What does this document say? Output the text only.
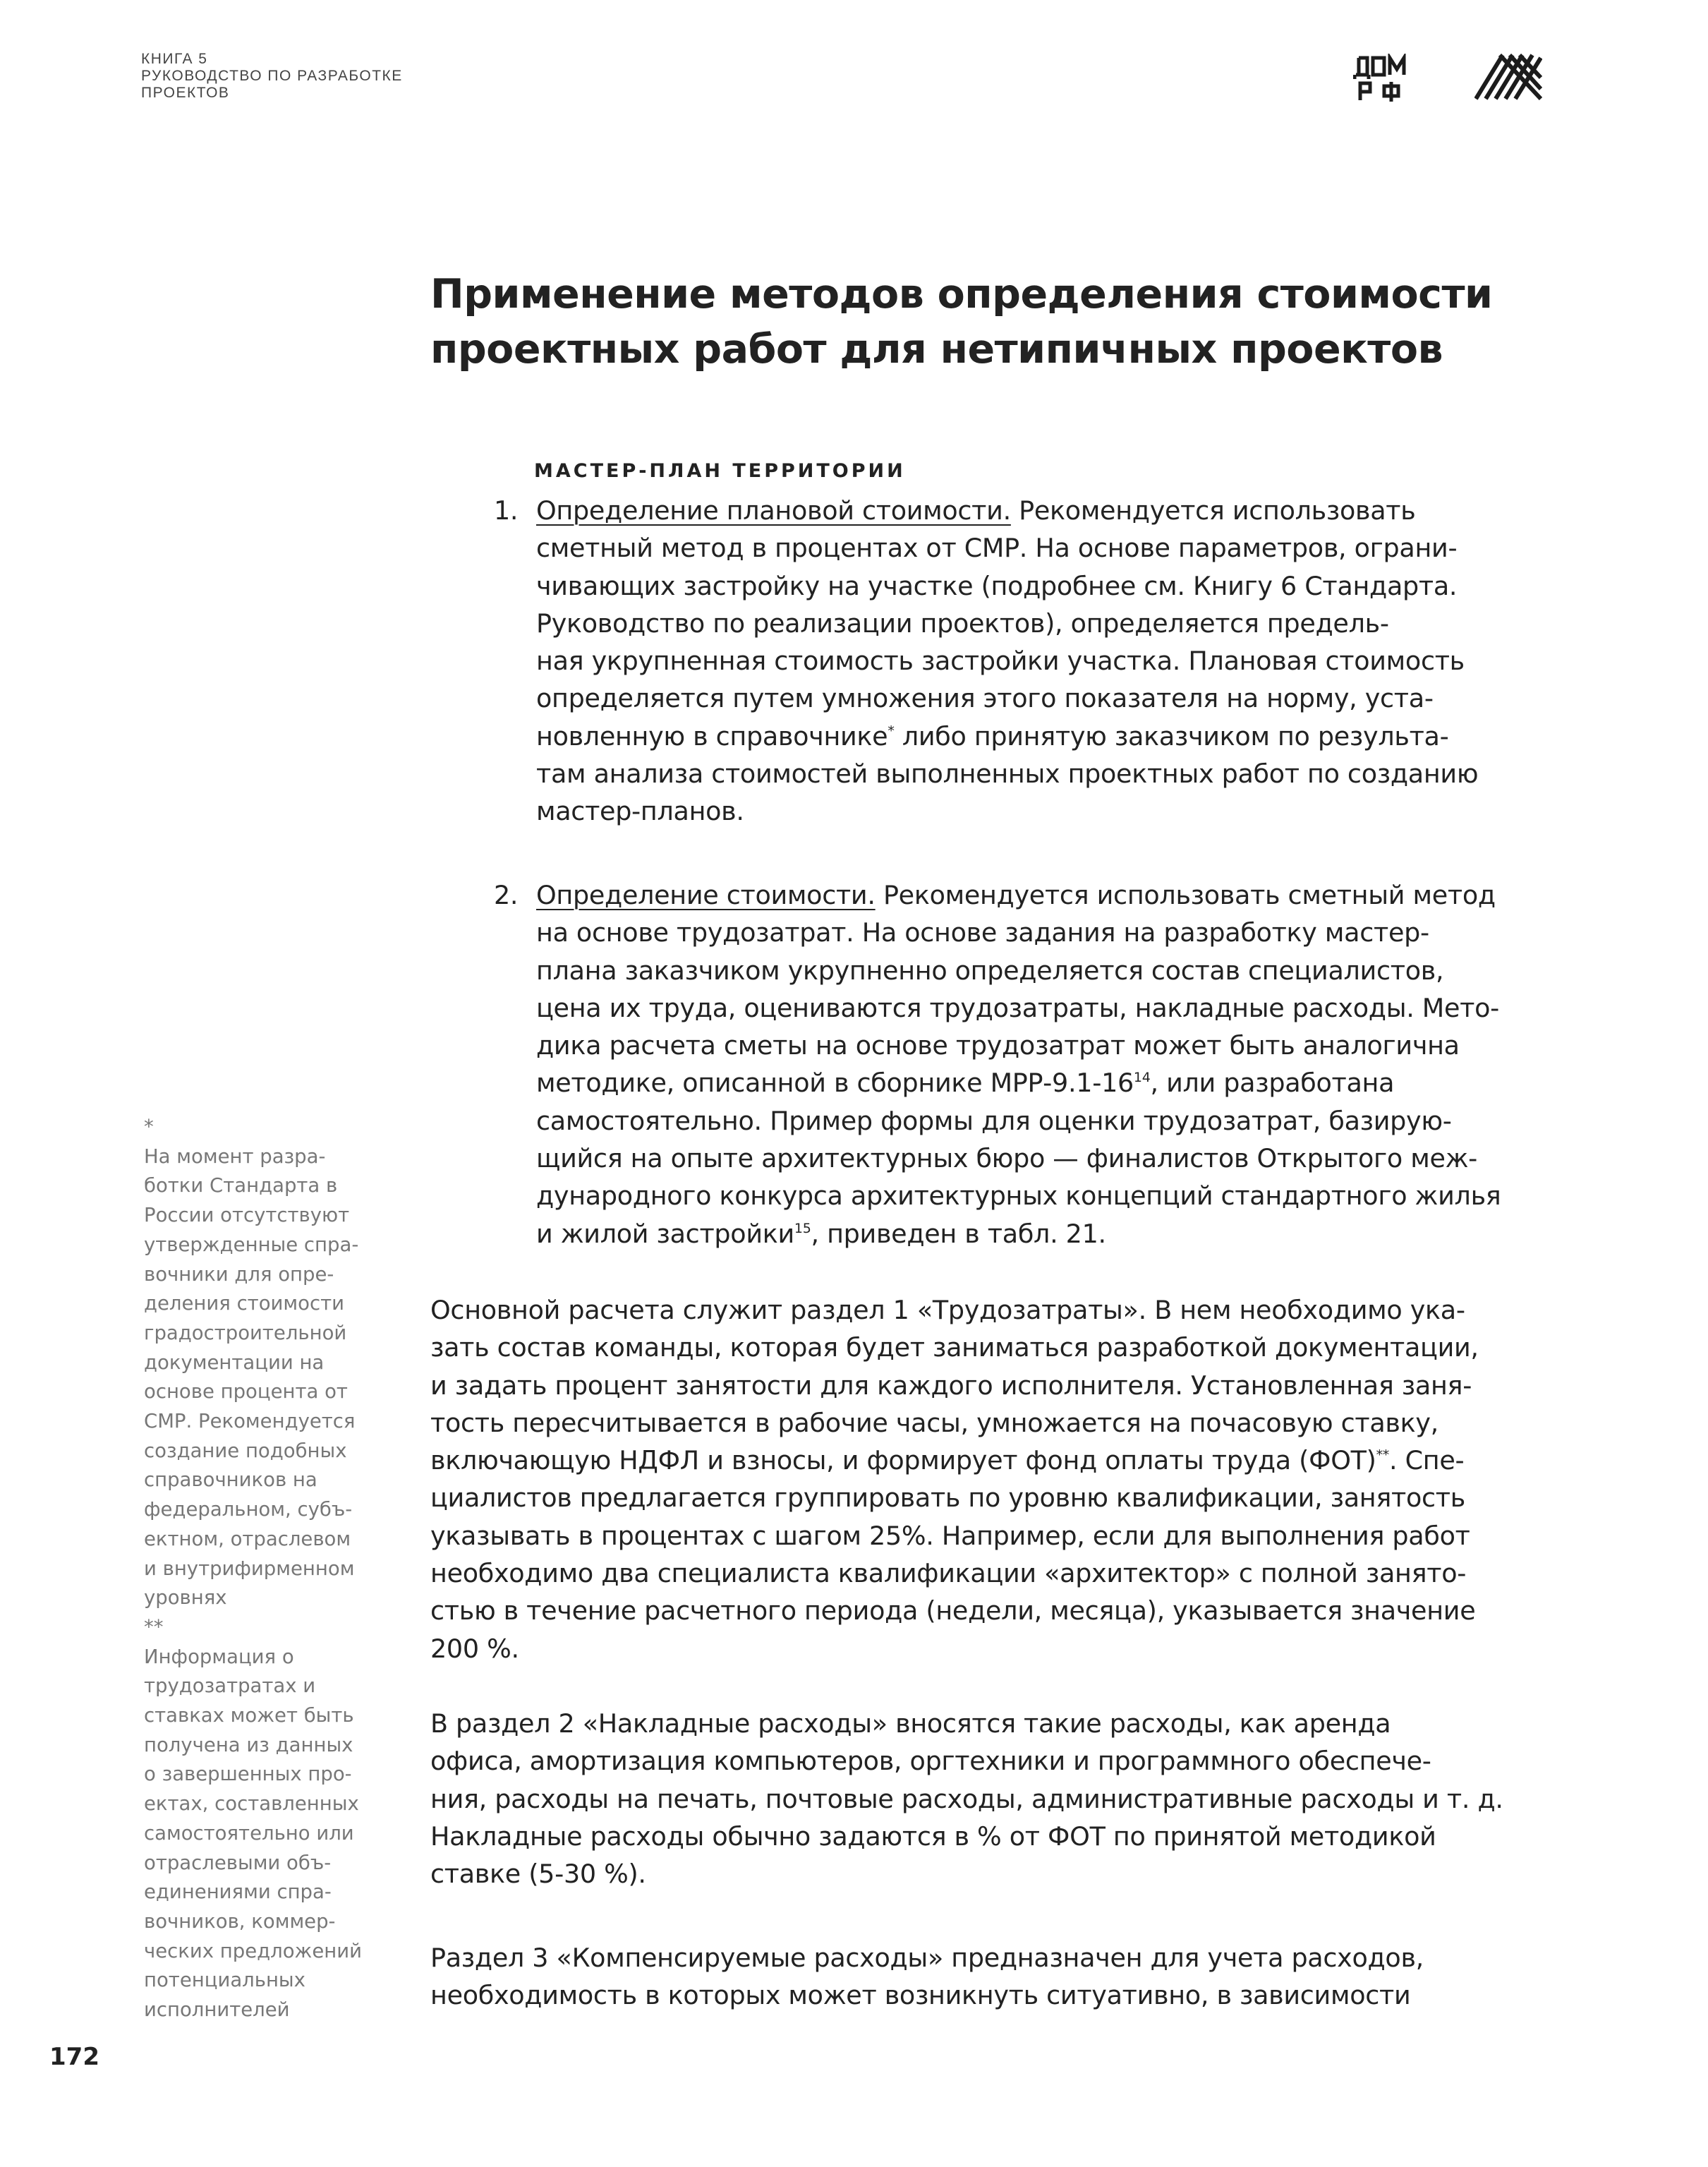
КНИГА 5
РУКОВОДСТВО ПО РАЗРАБОТКЕ
ПРОЕКТОВ
Применение методов определения стоимости
проектных работ для нетипичных проектов
МАСТЕР-ПЛАН ТЕРРИТОРИИ
1. Определение плановой стоимости. Рекомендуется использовать
сметный метод в процентах от СМР. На основе параметров, ограни-
чивающих застройку на участке (подробнее см. Книгу 6 Стандарта.
Руководство по реализации проектов), определяется предель-
ная укрупненная стоимость застройки участка. Плановая стоимость
определяется путем умножения этого показателя на норму, уста-
новленную в справочнике* либо принятую заказчиком по результа-
там анализа стоимостей выполненных проектных работ по созданию
мастер-планов.
2. Определение стоимости. Рекомендуется использовать сметный метод
на основе трудозатрат. На основе задания на разработку мастер-
плана заказчиком укрупненно определяется состав специалистов,
цена их труда, оцениваются трудозатраты, накладные расходы. Мето-
дика расчета сметы на основе трудозатрат может быть аналогична
методике, описанной в сборнике МРР-$9.1-16^{14}$, или разработана
самостоятельно. Пример формы для оценки трудозатрат, базирую-
щийся на опыте архитектурных бюро — финалистов Открытого меж-
дународного конкурса архитектурных концепций стандартного жилья
и жилой застройки$^{15}$, приведен в табл. 21.
Основной расчета служит раздел 1 «Трудозатраты». В нем необходимо ука-
зать состав команды, которая будет заниматься разработкой документации,
и задать процент занятости для каждого исполнителя. Установленная заня-
тость пересчитывается в рабочие часы, умножается на почасовую ставку,
включающую НДФЛ и взносы, и формирует фонд оплаты труда (ФОТ)**. Спе-
циалистов предлагается группировать по уровню квалификации, занятость
указывать в процентах с шагом 25%. Например, если для выполнения работ
необходимо два специалиста квалификации «архитектор» с полной занято-
стью в течение расчетного периода (недели, месяца), указывается значение
200 %.
В раздел 2 «Накладные расходы» вносятся такие расходы, как аренда
офиса, амортизация компьютеров, оргтехники и программного обеспече-
ния, расходы на печать, почтовые расходы, административные расходы и т. д.
Накладные расходы обычно задаются в % от ФОТ по принятой методикой
ставке (5-30 %).
Раздел 3 «Компенсируемые расходы» предназначен для учета расходов,
необходимость в которых может возникнуть ситуативно, в зависимости
*
На момент разра-
ботки Стандарта в
России отсутствуют
утвержденные спра-
вочники для опре-
деления стоимости
градостроительной
документации на
основе процента от
СМР. Рекомендуется
создание подобных
справочников на
федеральном, субъ-
ектном, отраслевом
и внутрифирменном
уровнях
**
Информация о
трудозатратах и
ставках может быть
получена из данных
о завершенных про-
ектах, составленных
самостоятельно или
отраслевыми объ-
единениями спра-
вочников, коммер-
ческих предложений
потенциальных
исполнителей
172
